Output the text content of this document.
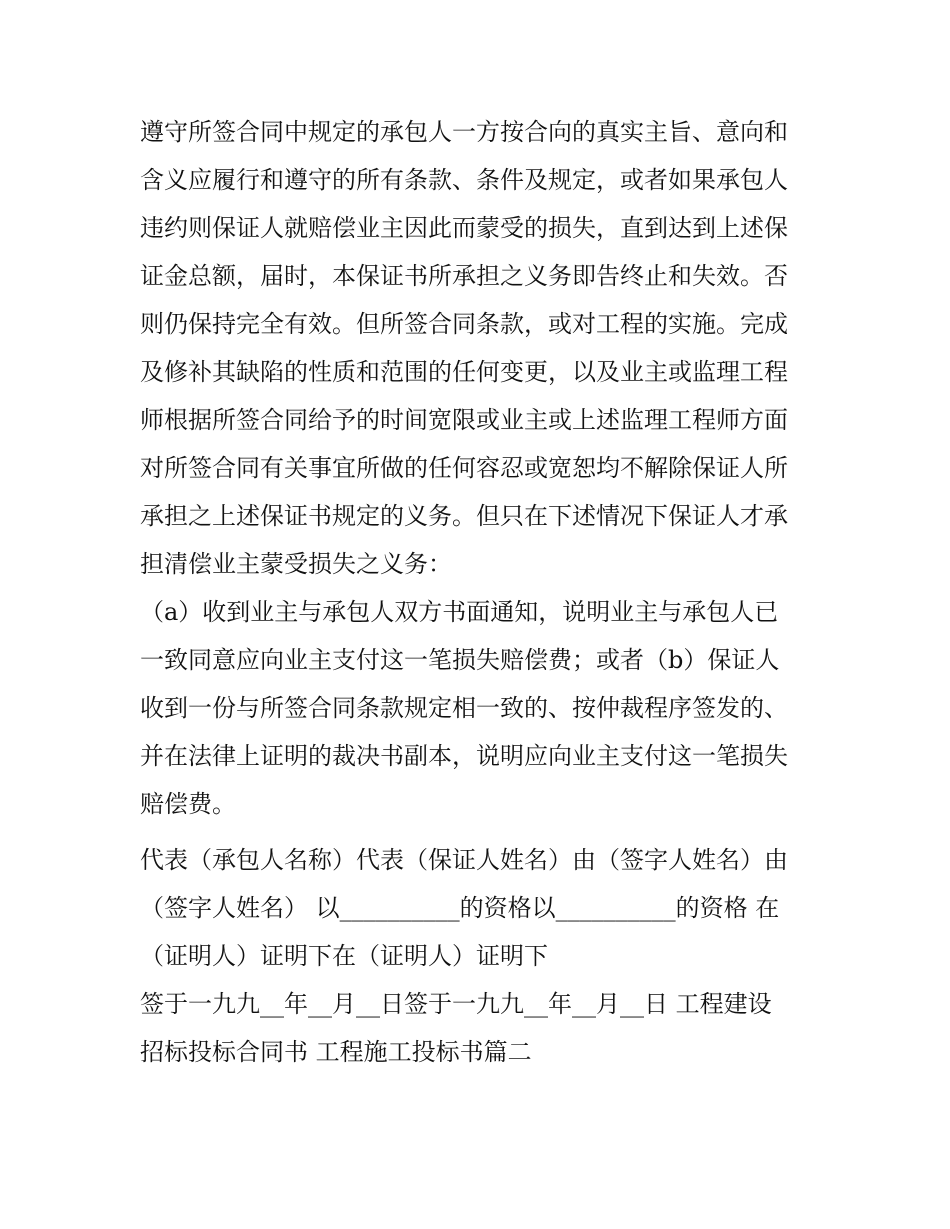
遵守所签合同中规定的承包人一方按合向的真实主旨、意向和
含义应履行和遵守的所有条款、条件及规定，或者如果承包人
违约则保证人就赔偿业主因此而蒙受的损失，直到达到上述保
证金总额，届时，本保证书所承担之义务即告终止和失效。否
则仍保持完全有效。但所签合同条款，或对工程的实施。完成
及修补其缺陷的性质和范围的任何变更，以及业主或监理工程
师根据所签合同给予的时间宽限或业主或上述监理工程师方面
对所签合同有关事宜所做的任何容忍或宽恕均不解除保证人所
承担之上述保证书规定的义务。但只在下述情况下保证人才承
担清偿业主蒙受损失之义务：
（a）收到业主与承包人双方书面通知，说明业主与承包人已
一致同意应向业主支付这一笔损失赔偿费；或者（b）保证人
收到一份与所签合同条款规定相一致的、按仲裁程序签发的、
并在法律上证明的裁决书副本，说明应向业主支付这一笔损失
赔偿费。
代表（承包人名称）代表（保证人姓名）由（签字人姓名）由
（签字人姓名） 以__________的资格以__________的资格 在
（证明人）证明下在（证明人）证明下
签于一九九__年__月__日签于一九九__年__月__日 工程建设
招标投标合同书 工程施工投标书篇二
